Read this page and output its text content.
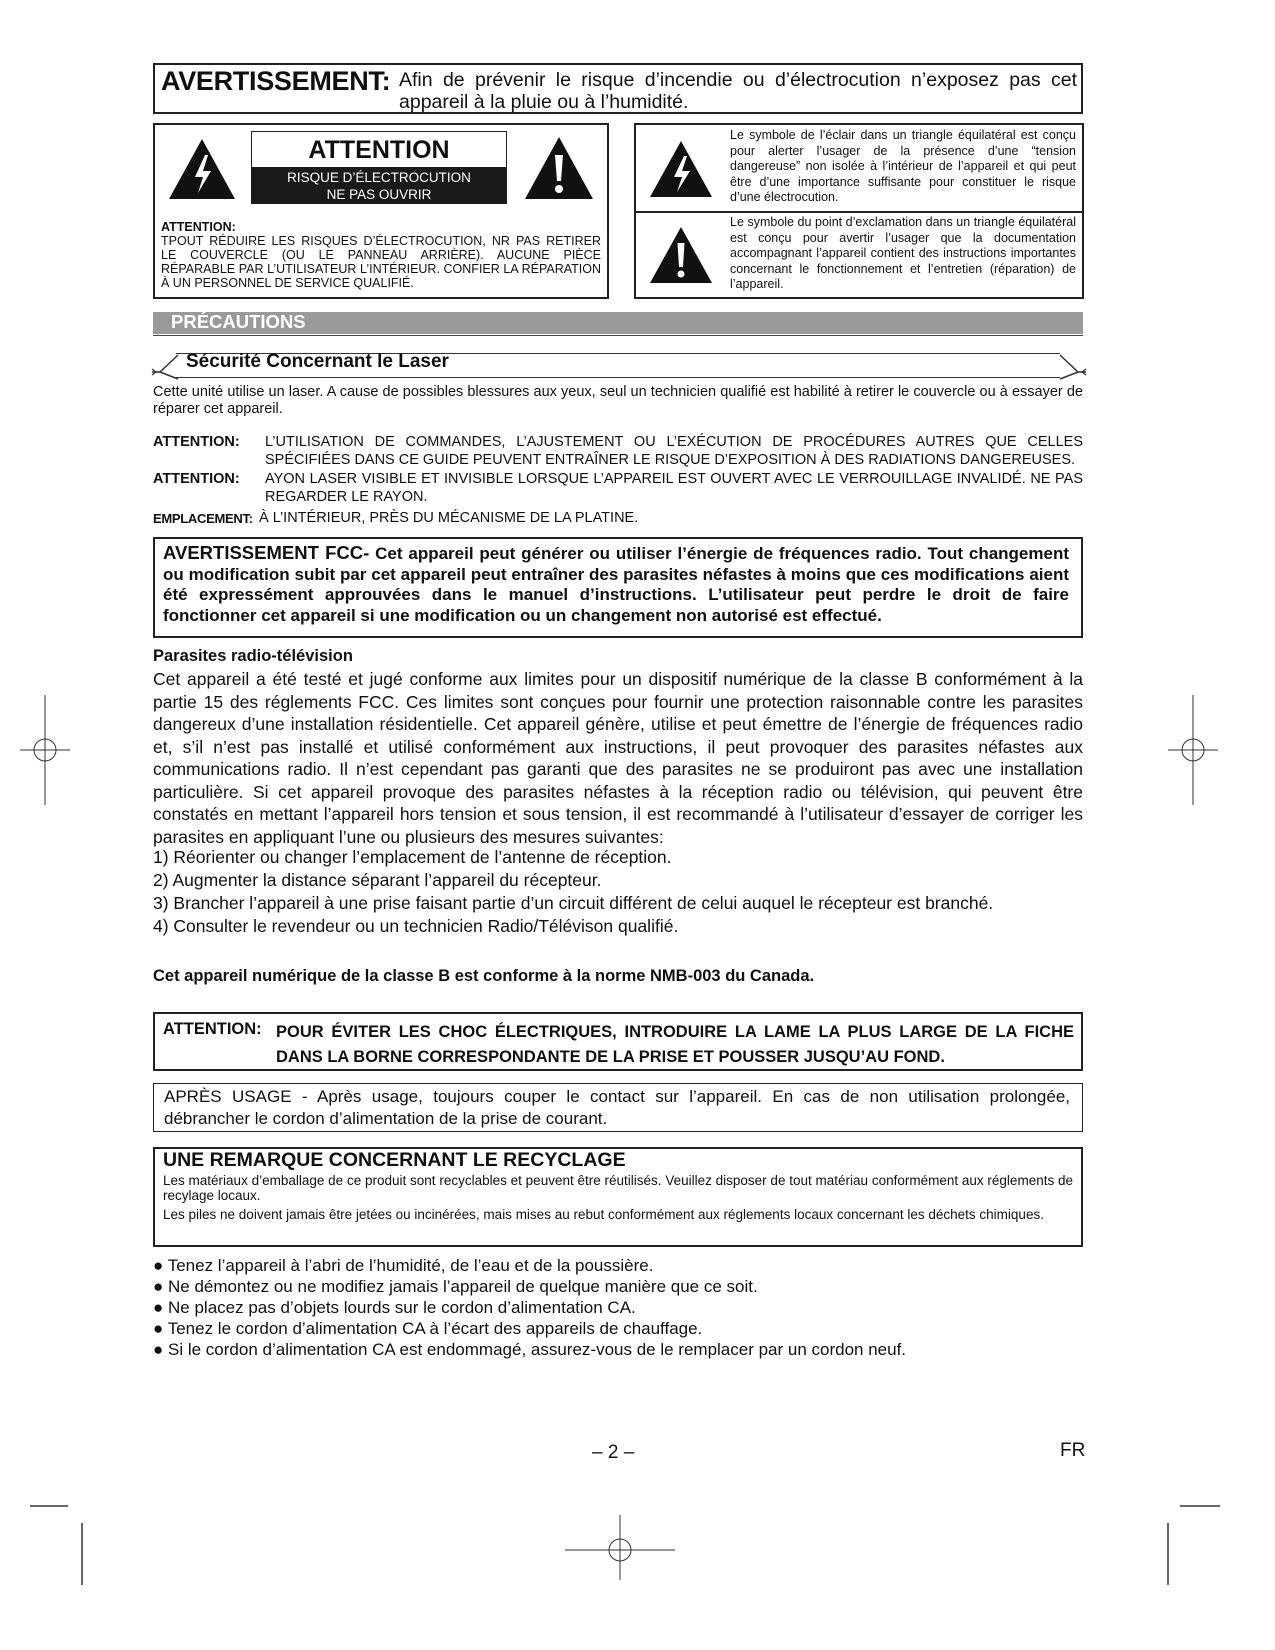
AVERTISSEMENT: Afin de prévenir le risque d’incendie ou d’électrocution n’exposez pas cet appareil à la pluie ou à l’humidité.
ATTENTION
RISQUE D’ÉLECTROCUTION
NE PAS OUVRIR
ATTENTION:
TPOUT RÉDUIRE LES RISQUES D’ÉLECTROCUTION, NR PAS RETIRER LE COUVERCLE (OU LE PANNEAU ARRIÈRE). AUCUNE PIÈCE RÉPARABLE PAR L’UTILISATEUR L’INTÉRIEUR. CONFIER LA RÉPARATION À UN PERSONNEL DE SERVICE QUALIFIÉ.
Le symbole de l’éclair dans un triangle équilatéral est conçu pour alerter l’usager de la présence d’une “tension dangereuse” non isolée à l’intérieur de l’appareil et qui peut être d’une importance suffisante pour constituer le risque d’une électrocution.
Le symbole du point d’exclamation dans un triangle équilatéral est conçu pour avertir l’usager que la documentation accompagnant l’appareil contient des instructions importantes concernant le fonctionnement et l’entretien (réparation) de l’appareil.
PRÉCAUTIONS
Sécurité Concernant le Laser
Cette unité utilise un laser. A cause de possibles blessures aux yeux, seul un technicien qualifié est habilité à retirer le couvercle ou à essayer de réparer cet appareil.
ATTENTION: L’UTILISATION DE COMMANDES, L’AJUSTEMENT OU L’EXÉCUTION DE PROCÉDURES AUTRES QUE CELLES SPÉCIFIÉES DANS CE GUIDE PEUVENT ENTRAÎNER LE RISQUE D’EXPOSITION À DES RADIATIONS DANGEREUSES.
ATTENTION: AYON LASER VISIBLE ET INVISIBLE LORSQUE L’APPAREIL EST OUVERT AVEC LE VERROUILLAGE INVALIDÉ. NE PAS REGARDER LE RAYON.
EMPLACEMENT: À L’INTÉRIEUR, PRÈS DU MÉCANISME DE LA PLATINE.
AVERTISSEMENT FCC- Cet appareil peut générer ou utiliser l’énergie de fréquences radio. Tout changement ou modification subit par cet appareil peut entraîner des parasites néfastes à moins que ces modifications aient été expressément approuvées dans le manuel d’instructions. L’utilisateur peut perdre le droit de faire fonctionner cet appareil si une modification ou un changement non autorisé est effectué.
Parasites radio-télévision
Cet appareil a été testé et jugé conforme aux limites pour un dispositif numérique de la classe B conformément à la partie 15 des réglements FCC. Ces limites sont conçues pour fournir une protection raisonnable contre les parasites dangereux d’une installation résidentielle. Cet appareil génère, utilise et peut émettre de l’énergie de fréquences radio et, s’il n’est pas installé et utilisé conformément aux instructions, il peut provoquer des parasites néfastes aux communications radio. Il n’est cependant pas garanti que des parasites ne se produiront pas avec une installation particulière. Si cet appareil provoque des parasites néfastes à la réception radio ou télévision, qui peuvent être constatés en mettant l’appareil hors tension et sous tension, il est recommandé à l’utilisateur d’essayer de corriger les parasites en appliquant l’une ou plusieurs des mesures suivantes:
1) Réorienter ou changer l’emplacement de l’antenne de réception.
2) Augmenter la distance séparant l’appareil du récepteur.
3) Brancher l’appareil à une prise faisant partie d’un circuit différent de celui auquel le récepteur est branché.
4) Consulter le revendeur ou un technicien Radio/Télévison qualifié.
Cet appareil numérique de la classe B est conforme à la norme NMB-003 du Canada.
ATTENTION: POUR ÉVITER LES CHOC ÉLECTRIQUES, INTRODUIRE LA LAME LA PLUS LARGE DE LA FICHE DANS LA BORNE CORRESPONDANTE DE LA PRISE ET POUSSER JUSQU’AU FOND.
APRÈS USAGE - Après usage, toujours couper le contact sur l’appareil. En cas de non utilisation prolongée, débrancher le cordon d’alimentation de la prise de courant.
UNE REMARQUE CONCERNANT LE RECYCLAGE
Les matériaux d’emballage de ce produit sont recyclables et peuvent être réutilisés. Veuillez disposer de tout matériau conformément aux réglements de recylage locaux.
Les piles ne doivent jamais être jetées ou incinérées, mais mises au rebut conformément aux réglements locaux concernant les déchets chimiques.
● Tenez l’appareil à l’abri de l’humidité, de l’eau et de la poussière.
● Ne démontez ou ne modifiez jamais l’appareil de quelque manière que ce soit.
● Ne placez pas d’objets lourds sur le cordon d’alimentation CA.
● Tenez le cordon d’alimentation CA à l’écart des appareils de chauffage.
● Si le cordon d’alimentation CA est endommagé, assurez-vous de le remplacer par un cordon neuf.
– 2 –	FR
